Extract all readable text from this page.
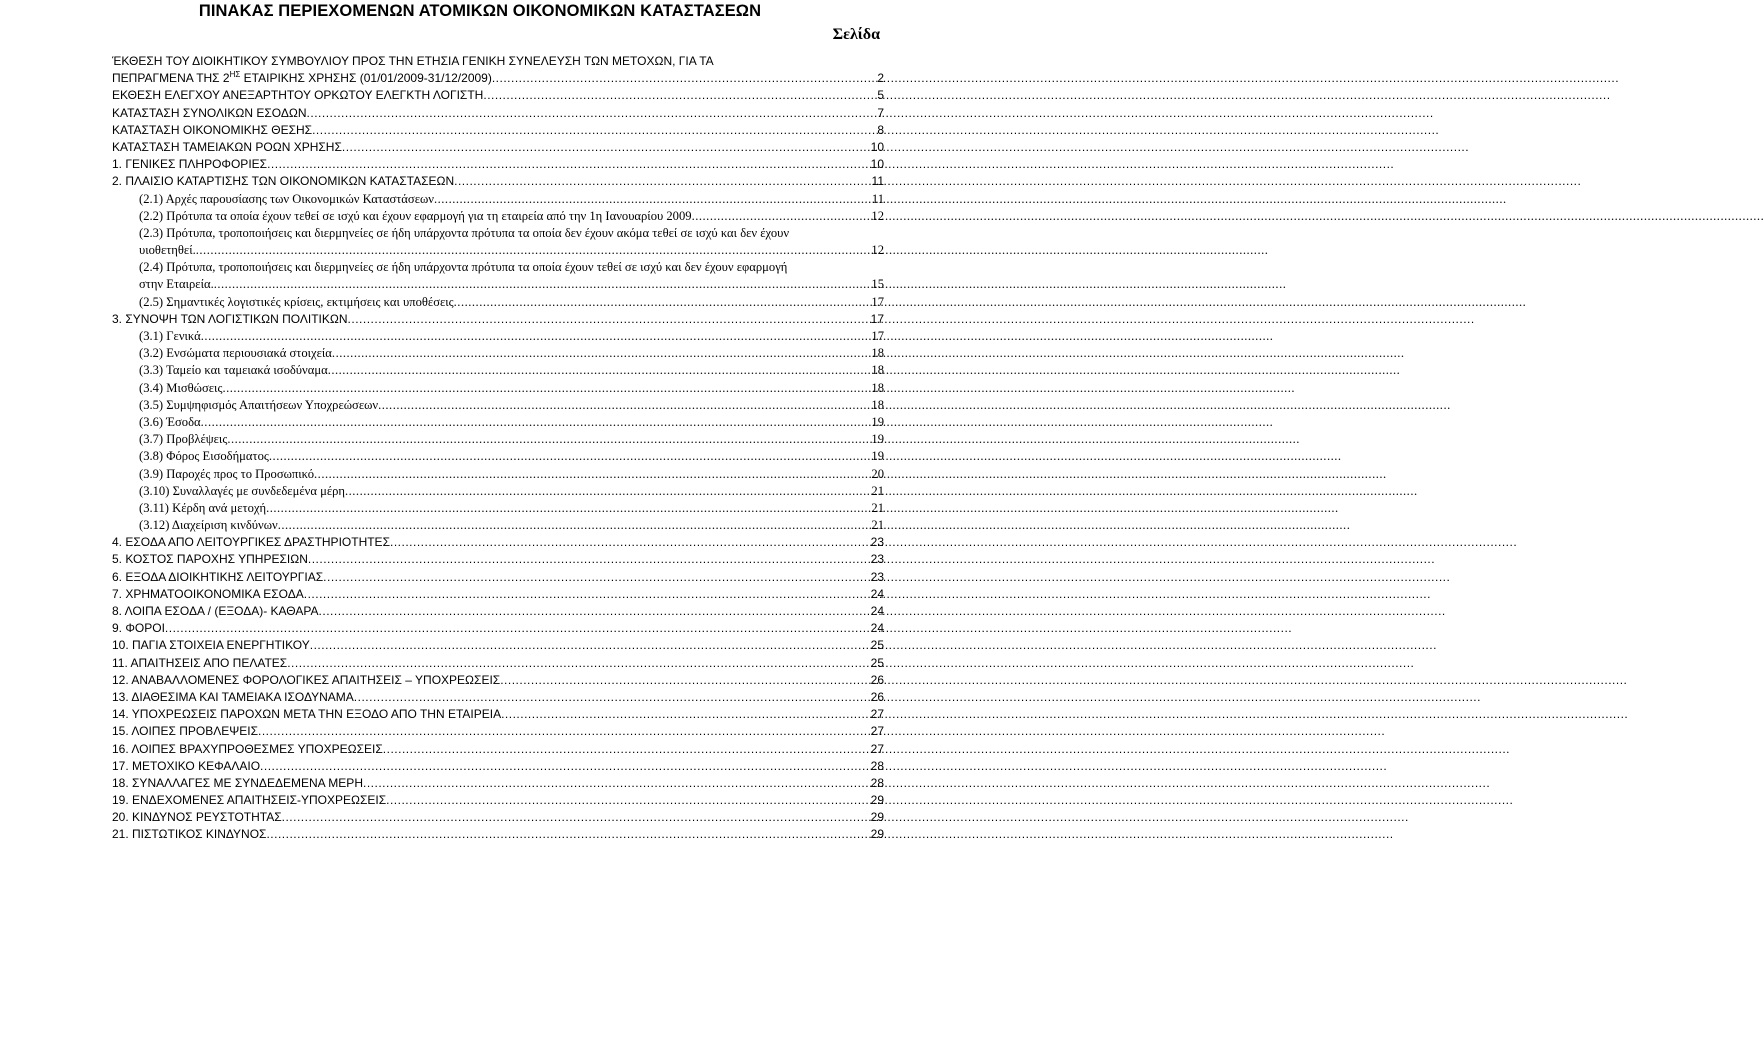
ΠΙΝΑΚΑΣ ΠΕΡΙΕΧΟΜΕΝΩΝ ΑΤΟΜΙΚΩΝ ΟΙΚΟΝΟΜΙΚΩΝ ΚΑΤΑΣΤΑΣΕΩΝ
Σελίδα
ΈΚΘΕΣΗ ΤΟΥ ΔΙΟΙΚΗΤΙΚΟΥ ΣΥΜΒΟΥΛΙΟΥ ΠΡΟΣ ΤΗΝ ΕΤΗΣΙΑ ΓΕΝΙΚΗ ΣΥΝΕΛΕΥΣΗ ΤΩΝ ΜΕΤΟΧΩΝ, ΓΙΑ ΤΑ
ΠΕΠΡΑΓΜΕΝΑ ΤΗΣ $2^{H\Sigma}$ ΕΤΑΙΡΙΚΗΣ ΧΡΗΣΗΣ (01/01/2009-31/12/2009) .....	2
ΕΚΘΕΣΗ ΕΛΕΓΧΟΥ ΑΝΕΞΑΡΤΗΤΟΥ ΟΡΚΩΤΟΥ ΕΛΕΓΚΤΗ ΛΟΓΙΣΤΗ .....	5
ΚΑΤΑΣΤΑΣΗ ΣΥΝΟΛΙΚΩΝ ΕΣΟΔΩΝ .....	7
ΚΑΤΑΣΤΑΣΗ ΟΙΚΟΝΟΜΙΚΗΣ ΘΕΣΗΣ .....	8
ΚΑΤΑΣΤΑΣΗ ΤΑΜΕΙΑΚΩΝ ΡΟΩΝ ΧΡΗΣΗΣ .....	10
1. ΓΕΝΙΚΕΣ ΠΛΗΡΟΦΟΡΙΕΣ .....	10
2. ΠΛΑΙΣΙΟ ΚΑΤΑΡΤΙΣΗΣ ΤΩΝ ΟΙΚΟΝΟΜΙΚΩΝ ΚΑΤΑΣΤΑΣΕΩΝ .....	11
(2.1) Αρχές παρουσίασης των Οικονομικών Καταστάσεων .....	11
(2.2) Πρότυπα τα οποία έχουν τεθεί σε ισχύ και έχουν εφαρμογή για τη εταιρεία από την 1η Ιανουαρίου 2009 .....	12
(2.3) Πρότυπα, τροποποιήσεις και διερμηνείες σε ήδη υπάρχοντα πρότυπα τα οποία δεν έχουν ακόμα τεθεί σε ισχύ και δεν έχουν
υιοθετηθεί. .....	12
(2.4) Πρότυπα, τροποποιήσεις και διερμηνείες σε ήδη υπάρχοντα πρότυπα τα οποία έχουν τεθεί σε ισχύ και δεν έχουν εφαρμογή
στην Εταιρεία. .....	15
(2.5) Σημαντικές λογιστικές κρίσεις, εκτιμήσεις και υποθέσεις .....	17
3. ΣΥΝΟΨΗ ΤΩΝ ΛΟΓΙΣΤΙΚΩΝ ΠΟΛΙΤΙΚΩΝ .....	17
(3.1) Γενικά .....	17
(3.2) Ενσώματα περιουσιακά στοιχεία .....	18
(3.3) Ταμείο και ταμειακά ισοδύναμα .....	18
(3.4) Μισθώσεις .....	18
(3.5) Συμψηφισμός Απαιτήσεων Υποχρεώσεων .....	18
(3.6) Έσοδα .....	19
(3.7) Προβλέψεις .....	19
(3.8) Φόρος Εισοδήματος .....	19
(3.9) Παροχές προς το Προσωπικό .....	20
(3.10) Συναλλαγές με συνδεδεμένα μέρη .....	21
(3.11) Κέρδη ανά μετοχή .....	21
(3.12) Διαχείριση κινδύνων .....	21
4. ΕΣΟΔΑ ΑΠΟ ΛΕΙΤΟΥΡΓΙΚΕΣ ΔΡΑΣΤΗΡΙΟΤΗΤΕΣ .....	23
5. ΚΟΣΤΟΣ ΠΑΡΟΧΗΣ ΥΠΗΡΕΣΙΩΝ .....	23
6. ΕΞΟΔΑ ΔΙΟΙΚΗΤΙΚΗΣ ΛΕΙΤΟΥΡΓΙΑΣ .....	23
7. ΧΡΗΜΑΤΟΟΙΚΟΝΟΜΙΚΑ ΕΣΟΔΑ .....	24
8. ΛΟΙΠΑ ΕΣΟΔΑ / (ΕΞΟΔΑ)- ΚΑΘΑΡΑ .....	24
9. ΦΟΡΟΙ .....	24
10. ΠΑΓΙΑ ΣΤΟΙΧΕΙΑ ΕΝΕΡΓΗΤΙΚΟΥ .....	25
11. ΑΠΑΙΤΗΣΕΙΣ ΑΠΟ ΠΕΛΑΤΕΣ .....	25
12. ΑΝΑΒΑΛΛΟΜΕΝΕΣ ΦΟΡΟΛΟΓΙΚΕΣ ΑΠΑΙΤΗΣΕΙΣ – ΥΠΟΧΡΕΩΣΕΙΣ .....	26
13. ΔΙΑΘΕΣΙΜΑ ΚΑΙ ΤΑΜΕΙΑΚΑ ΙΣΟΔΥΝΑΜΑ .....	26
14. ΥΠΟΧΡΕΩΣΕΙΣ ΠΑΡΟΧΩΝ ΜΕΤΑ ΤΗΝ ΕΞΟΔΟ ΑΠΟ ΤΗΝ ΕΤΑΙΡΕΙΑ .....	27
15. ΛΟΙΠΕΣ ΠΡΟΒΛΕΨΕΙΣ .....	27
16. ΛΟΙΠΕΣ ΒΡΑΧΥΠΡΟΘΕΣΜΕΣ ΥΠΟΧΡΕΩΣΕΙΣ .....	27
17. ΜΕΤΟΧΙΚΟ ΚΕΦΑΛΑΙΟ .....	28
18. ΣΥΝΑΛΛΑΓΕΣ ΜΕ ΣΥΝΔΕΔΕΜΕΝΑ ΜΕΡΗ .....	28
19. ΕΝΔΕΧΟΜΕΝΕΣ ΑΠΑΙΤΗΣΕΙΣ-ΥΠΟΧΡΕΩΣΕΙΣ .....	29
20. ΚΙΝΔΥΝΟΣ ΡΕΥΣΤΟΤΗΤΑΣ .....	29
21. ΠΙΣΤΩΤΙΚΟΣ ΚΙΝΔΥΝΟΣ .....	29
